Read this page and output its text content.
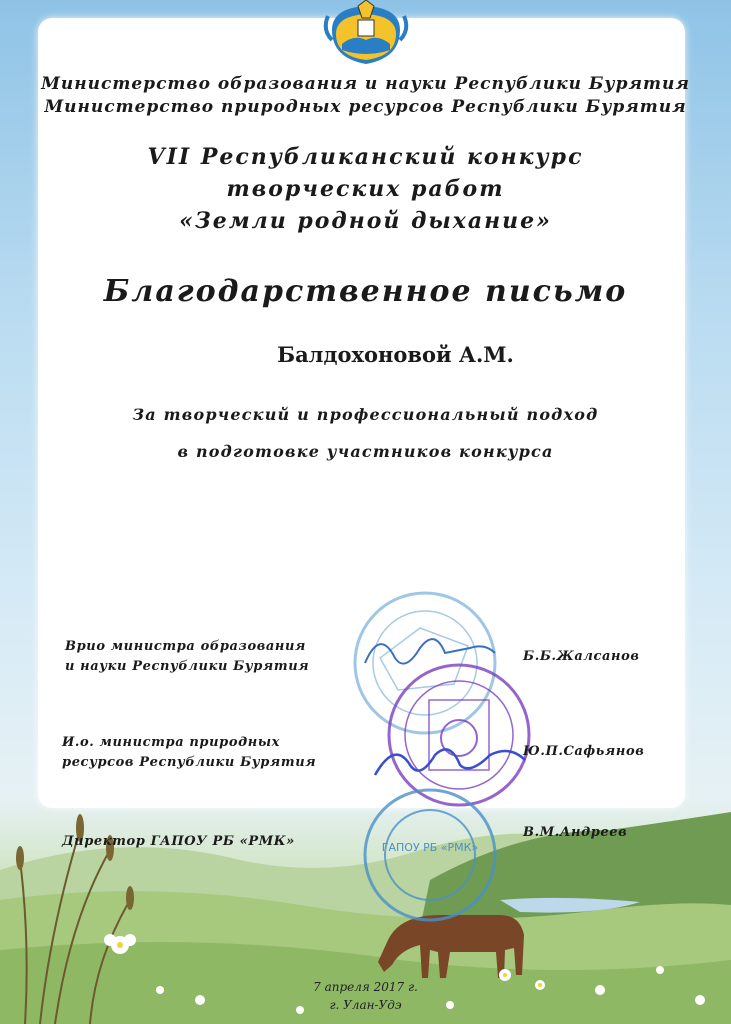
Министерство образования и науки Республики Бурятия
Министерство природных ресурсов Республики Бурятия
VII Республиканский конкурс
творческих работ
«Земли родной дыхание»
Благодарственное письмо
Балдохоновой А.М.
За творческий и профессиональный подход
в подготовке участников конкурса
ГАПОУ РБ «РМК»
Врио министра образования
и науки Республики Бурятия
Б.Б.Жалсанов
И.о. министра природных
ресурсов Республики Бурятия
Ю.П.Сафьянов
Директор ГАПОУ РБ «РМК»
В.М.Андреев
7 апреля 2017 г.
г. Улан-Удэ
